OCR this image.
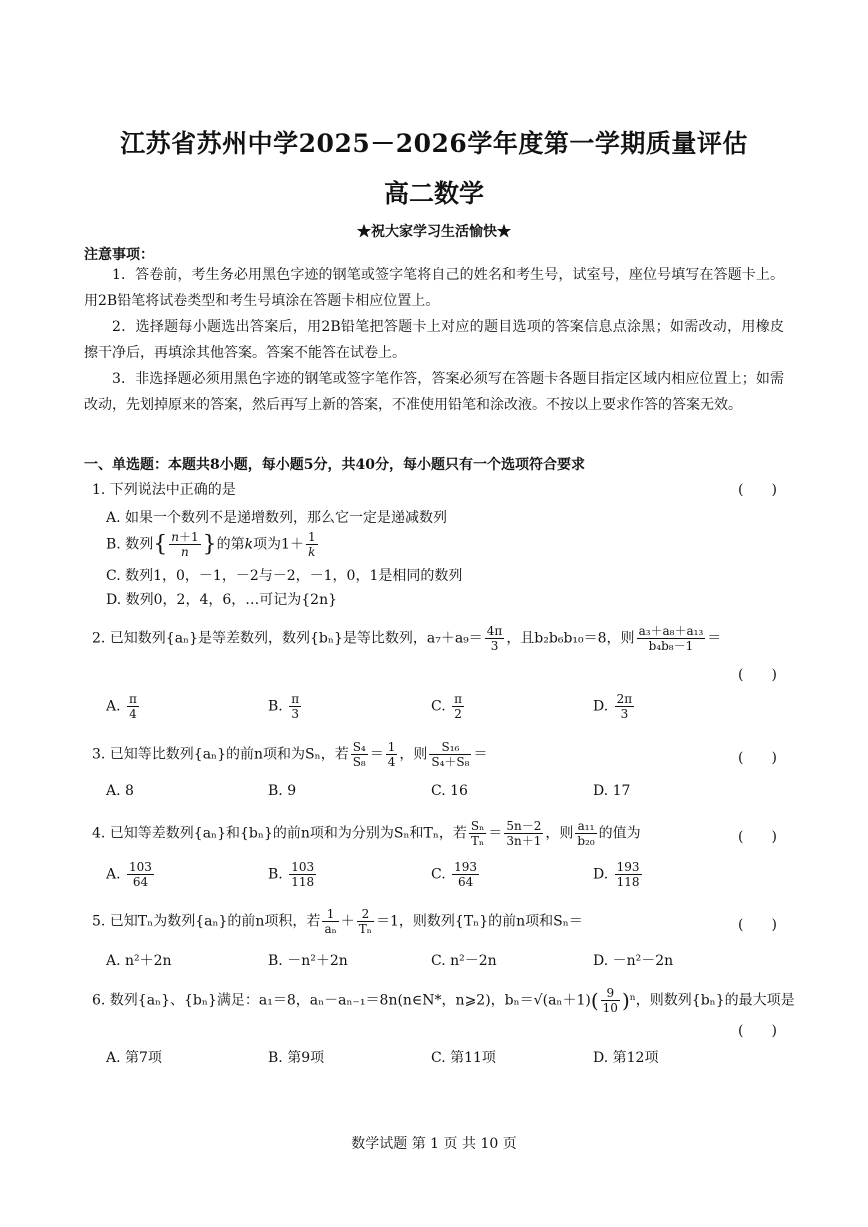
江苏省苏州中学2025－2026学年度第一学期质量评估
高二数学
★祝大家学习生活愉快★
注意事项：
1．答卷前，考生务必用黑色字迹的钢笔或签字笔将自己的姓名和考生号，试室号，座位号填写在答题卡上。用2B铅笔将试卷类型和考生号填涂在答题卡相应位置上。
2．选择题每小题选出答案后，用2B铅笔把答题卡上对应的题目选项的答案信息点涂黑；如需改动，用橡皮擦干净后，再填涂其他答案。答案不能答在试卷上。
3．非选择题必须用黑色字迹的钢笔或签字笔作答，答案必须写在答题卡各题目指定区域内相应位置上；如需改动，先划掉原来的答案，然后再写上新的答案，不准使用铅笔和涂改液。不按以上要求作答的答案无效。
一、单选题：本题共8小题，每小题5分，共40分，每小题只有一个选项符合要求
1. 下列说法中正确的是	(　　)
A. 如果一个数列不是递增数列，那么它一定是递减数列
B. 数列{ $\frac{n+1}{n}$ }的第k项为$1+ \frac{1}{k}$
C. 数列1，0，－1，－2与－2，－1，0，1是相同的数列
D. 数列0，2，4，6，…可记为{2n}
2. 已知数列{aₙ}是等差数列，数列{bₙ}是等比数列，$a_7+a_9= \frac{4\pi}{3}$ ，且b₂b₆b₁₀＝8，则 $\frac{\text{a₃＋a₈＋a₁₃}}{\text{b₄b₈－1}}$ ＝
(　　)
A. $\frac{\pi}{4}$	B. $\frac{\pi}{3}$	C. $\frac{\pi}{2}$	D. $\frac{2\pi}{3}$
3. 已知等比数列{aₙ}的前n项和为Sₙ，若 $\frac{\text{S₄}}{\text{S₈}} = \frac{1}{4}$ ，则 $\frac{\text{S₁₆}}{\text{S₄＋S₈}}$ ＝	(　　)
A. 8	B. 9	C. 16	D. 17
4. 已知等差数列{aₙ}和{bₙ}的前n项和为分别为Sₙ和Tₙ，若 $\frac{\text{Sₙ}}{\text{Tₙ}} = \frac{5n-2}{3n+1}$ ，则 $\frac{\text{a₁₁}}{\text{b₂₀}}$ 的值为	(　　)
A. $\frac{103}{64}$	B. $\frac{103}{118}$	C. $\frac{193}{64}$	D. $\frac{193}{118}$
5. 已知Tₙ为数列{aₙ}的前n项积，若 $\frac{1}{\text{aₙ}} + \frac{2}{\text{Tₙ}} =1$，则数列{Tₙ}的前n项和Sₙ＝	(　　)
A. n²＋2n	B. －n²＋2n	C. n²－2n	D. －n²－2n
6. 数列{aₙ}、{bₙ}满足：a₁＝8，aₙ－aₙ₋₁＝8n(n∈N*，n⩾2)，$b_n=√(a_n+1)( \frac{9}{10} )^n$，则数列{bₙ}的最大项是
(　　)
A. 第7项	B. 第9项	C. 第11项	D. 第12项
数学试题 第 1 页 共 10 页
